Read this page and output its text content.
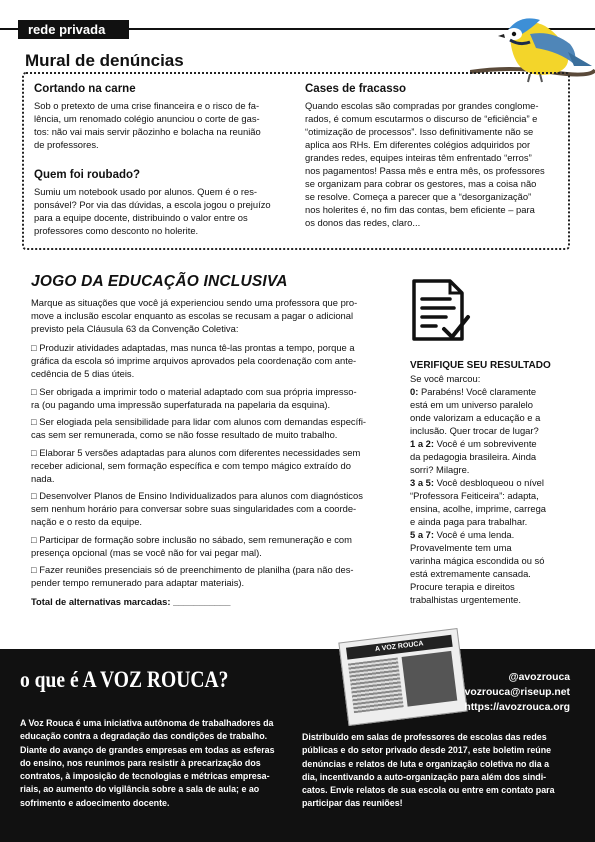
rede privada
Mural de denúncias

Cortando na carne

Sob o pretexto de uma crise financeira e o risco de fa-

lência, um renomado colégio anunciou o corte de gas-

tos: não vai mais servir pãozinho e bolacha na reunião

de professores.

Quem foi roubado?

Sumiu um notebook usado por alunos. Quem é o res-

ponsável? Por via das dúvidas, a escola jogou o prejuízo

para a equipe docente, distribuindo o valor entre os

professores como desconto no holerite.

Cases de fracasso

Quando escolas são compradas por grandes conglome-

rados, é comum escutarmos o discurso de “eficiência” e

“otimização de processos”. Isso definitivamente não se

aplica aos RHs. Em diferentes colégios adquiridos por

grandes redes, equipes inteiras têm enfrentado “erros”

nos pagamentos! Passa mês e entra mês, os professores

se organizam para cobrar os gestores, mas a coisa não

se resolve. Começa a parecer que a “desorganização”

nos holerites é, no fim das contas, bem eficiente – para

os donos das redes, claro...

JOGO DA EDUCAÇÃO INCLUSIVA

Marque as situações que você já experienciou sendo uma professora que pro-

move a inclusão escolar enquanto as escolas se recusam a pagar o adicional

previsto pela Cláusula 63 da Convenção Coletiva:

□ Produzir atividades adaptadas, mas nunca tê-las prontas a tempo, porque a

gráfica da escola só imprime arquivos aprovados pela coordenação com ante-

cedência de 5 dias úteis.

□ Ser obrigada a imprimir todo o material adaptado com sua própria impresso-

ra (ou pagando uma impressão superfaturada na papelaria da esquina).

□ Ser elogiada pela sensibilidade para lidar com alunos com demandas específi-

cas sem ser remunerada, como se não fosse resultado de muito trabalho.

□ Elaborar 5 versões adaptadas para alunos com diferentes necessidades sem

receber adicional, sem formação específica e com tempo mágico extraído do

nada.

□ Desenvolver Planos de Ensino Individualizados para alunos com diagnósticos

sem nenhum horário para conversar sobre suas singularidades com a coorde-

nação e o resto da equipe.

□ Participar de formação sobre inclusão no sábado, sem remuneração e com

presença opcional (mas se você não for vai pegar mal).

□ Fazer reuniões presenciais só de preenchimento de planilha (para não des-

pender tempo remunerado para adaptar materiais).

Total de alternativas marcadas: ___________

VERIFIQUE SEU RESULTADO

Se você marcou:

0: Parabéns! Você claramente

está em um universo paralelo

onde valorizam a educação e a

inclusão. Quer trocar de lugar?

1 a 2: Você é um sobrevivente

da pedagogia brasileira. Ainda

sorri? Milagre.

3 a 5: Você desbloqueou o nível

“Professora Feiticeira”: adapta,

ensina, acolhe, imprime, carrega

e ainda paga para trabalhar.

5 a 7: Você é uma lenda.

Provavelmente tem uma

varinha mágica escondida ou só

está extremamente cansada.

Procure terapia e direitos

trabalhistas urgentemente.

A VOZ ROUCA
o que é A VOZ ROUCA?	@avozrouca
vozrouca@riseup.net
https://avozrouca.org

A Voz Rouca é uma iniciativa autônoma de trabalhadores da

educação contra a degradação das condições de trabalho.

Diante do avanço de grandes empresas em todas as esferas

do ensino, nos reunimos para resistir à precarização dos

contratos, à imposição de tecnologias e métricas empresa-

riais, ao aumento do vigilância sobre a sala de aula; e ao

sofrimento e adoecimento docente.

Distribuído em salas de professores de escolas das redes

públicas e do setor privado desde 2017, este boletim reúne

denúncias e relatos de luta e organização coletiva no dia a

dia, incentivando a auto-organização para além dos sindi-

catos. Envie relatos de sua escola ou entre em contato para

participar das reuniões!
